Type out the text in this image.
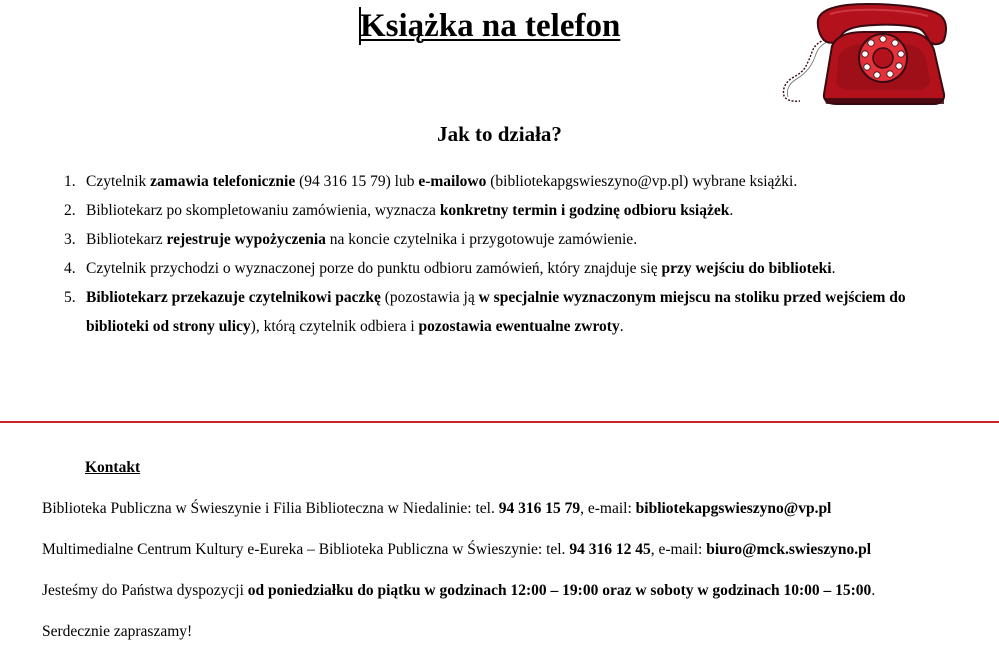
Książka na telefon
Jak to działa?
1. Czytelnik zamawia telefonicznie (94 316 15 79) lub e-mailowo (bibliotekapgswieszyno@vp.pl) wybrane książki.
2. Bibliotekarz po skompletowaniu zamówienia, wyznacza konkretny termin i godzinę odbioru książek.
3. Bibliotekarz rejestruje wypożyczenia na koncie czytelnika i przygotowuje zamówienie.
4. Czytelnik przychodzi o wyznaczonej porze do punktu odbioru zamówień, który znajduje się przy wejściu do biblioteki.
5. Bibliotekarz przekazuje czytelnikowi paczkę (pozostawia ją w specjalnie wyznaczonym miejscu na stoliku przed wejściem do biblioteki od strony ulicy), którą czytelnik odbiera i pozostawia ewentualne zwroty.
Kontakt
Biblioteka Publiczna w Świeszynie i Filia Biblioteczna w Niedalinie: tel. 94 316 15 79, e-mail: bibliotekapgswieszyno@vp.pl
Multimedialne Centrum Kultury e-Eureka – Biblioteka Publiczna w Świeszynie: tel. 94 316 12 45, e-mail: biuro@mck.swieszyno.pl
Jesteśmy do Państwa dyspozycji od poniedziałku do piątku w godzinach 12:00 – 19:00 oraz w soboty w godzinach 10:00 – 15:00.
Serdecznie zapraszamy!
